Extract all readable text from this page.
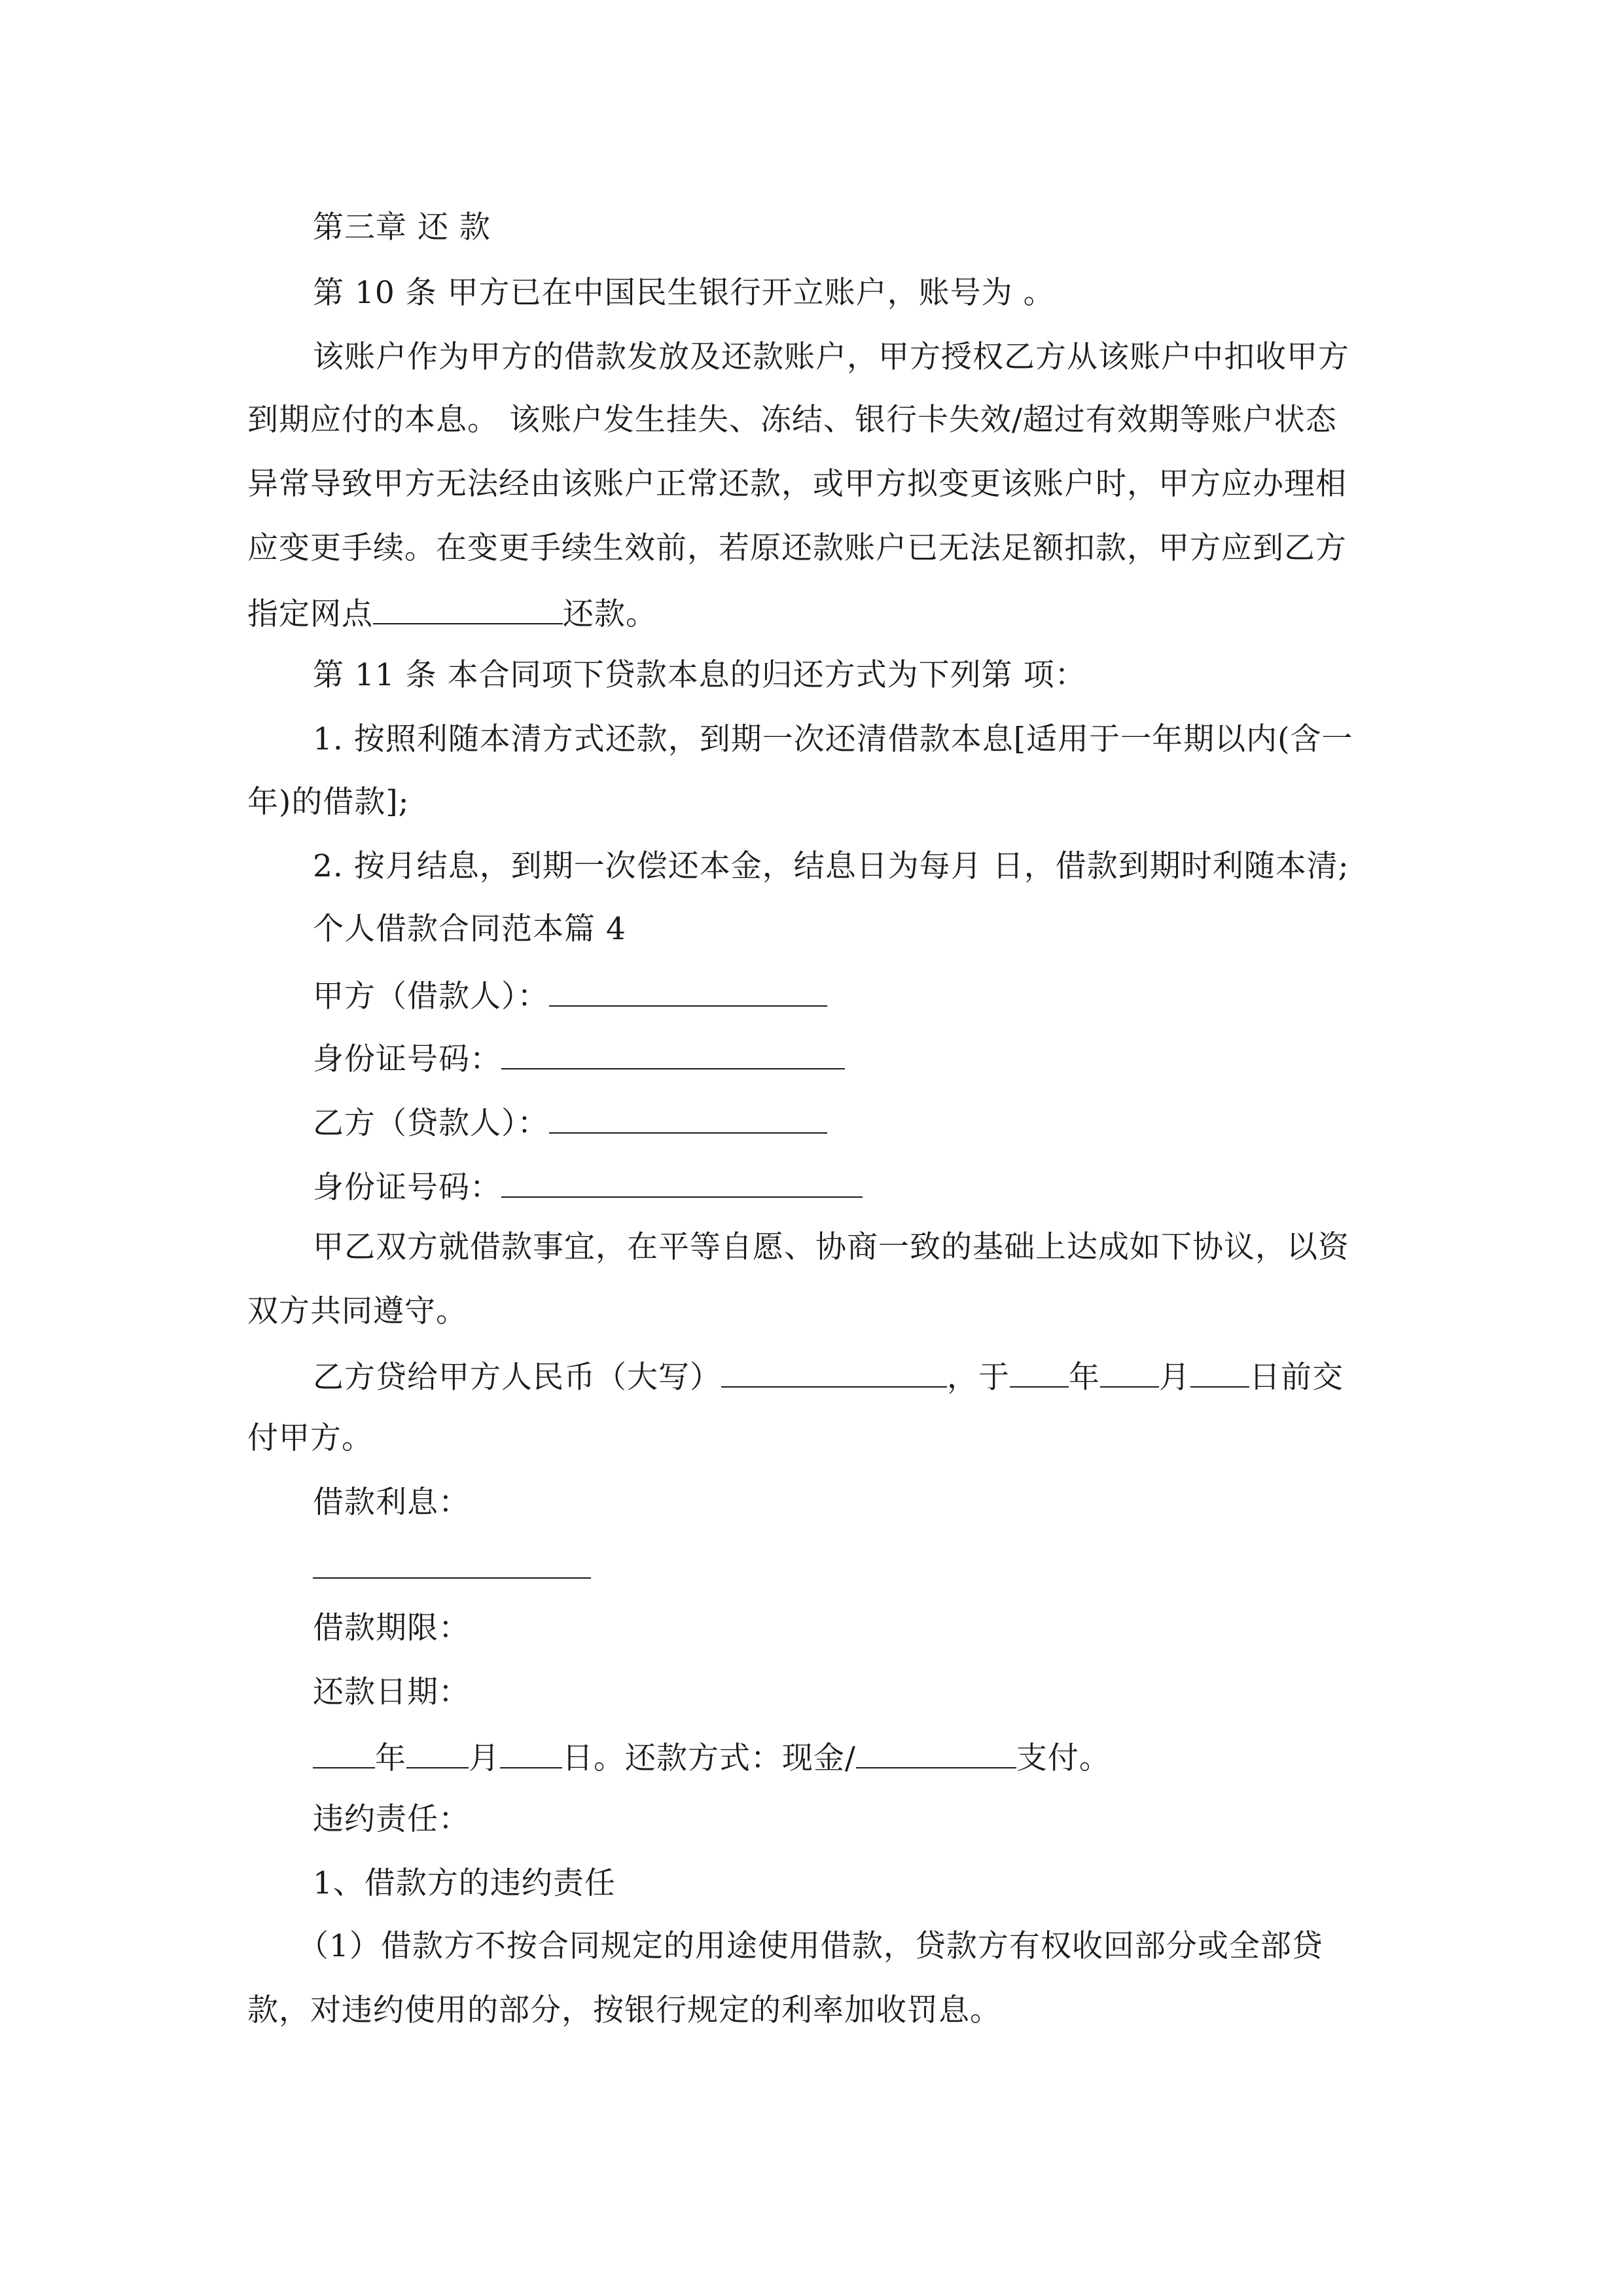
第三章 还 款
第 10 条 甲方已在中国民生银行开立账户，账号为 。
该账户作为甲方的借款发放及还款账户，甲方授权乙方从该账户中扣收甲方
到期应付的本息。 该账户发生挂失、冻结、银行卡失效/超过有效期等账户状态
异常导致甲方无法经由该账户正常还款，或甲方拟变更该账户时，甲方应办理相
应变更手续。在变更手续生效前，若原还款账户已无法足额扣款，甲方应到乙方
指定网点	还款。
第 11 条 本合同项下贷款本息的归还方式为下列第 项：
1. 按照利随本清方式还款，到期一次还清借款本息[适用于一年期以内(含一
年)的借款];
2. 按月结息，到期一次偿还本金，结息日为每月 日，借款到期时利随本清;
个人借款合同范本篇 4
甲方（借款人）：
身份证号码：
乙方（贷款人）：
身份证号码：
甲乙双方就借款事宜，在平等自愿、协商一致的基础上达成如下协议，以资
双方共同遵守。
乙方贷给甲方人民币（大写）	，于 年 月 日前交
付甲方。
借款利息：
借款期限：
还款日期：
年 月 日。还款方式：现金/	支付。
违约责任：
1、借款方的违约责任
（1）借款方不按合同规定的用途使用借款，贷款方有权收回部分或全部贷
款，对违约使用的部分，按银行规定的利率加收罚息。
